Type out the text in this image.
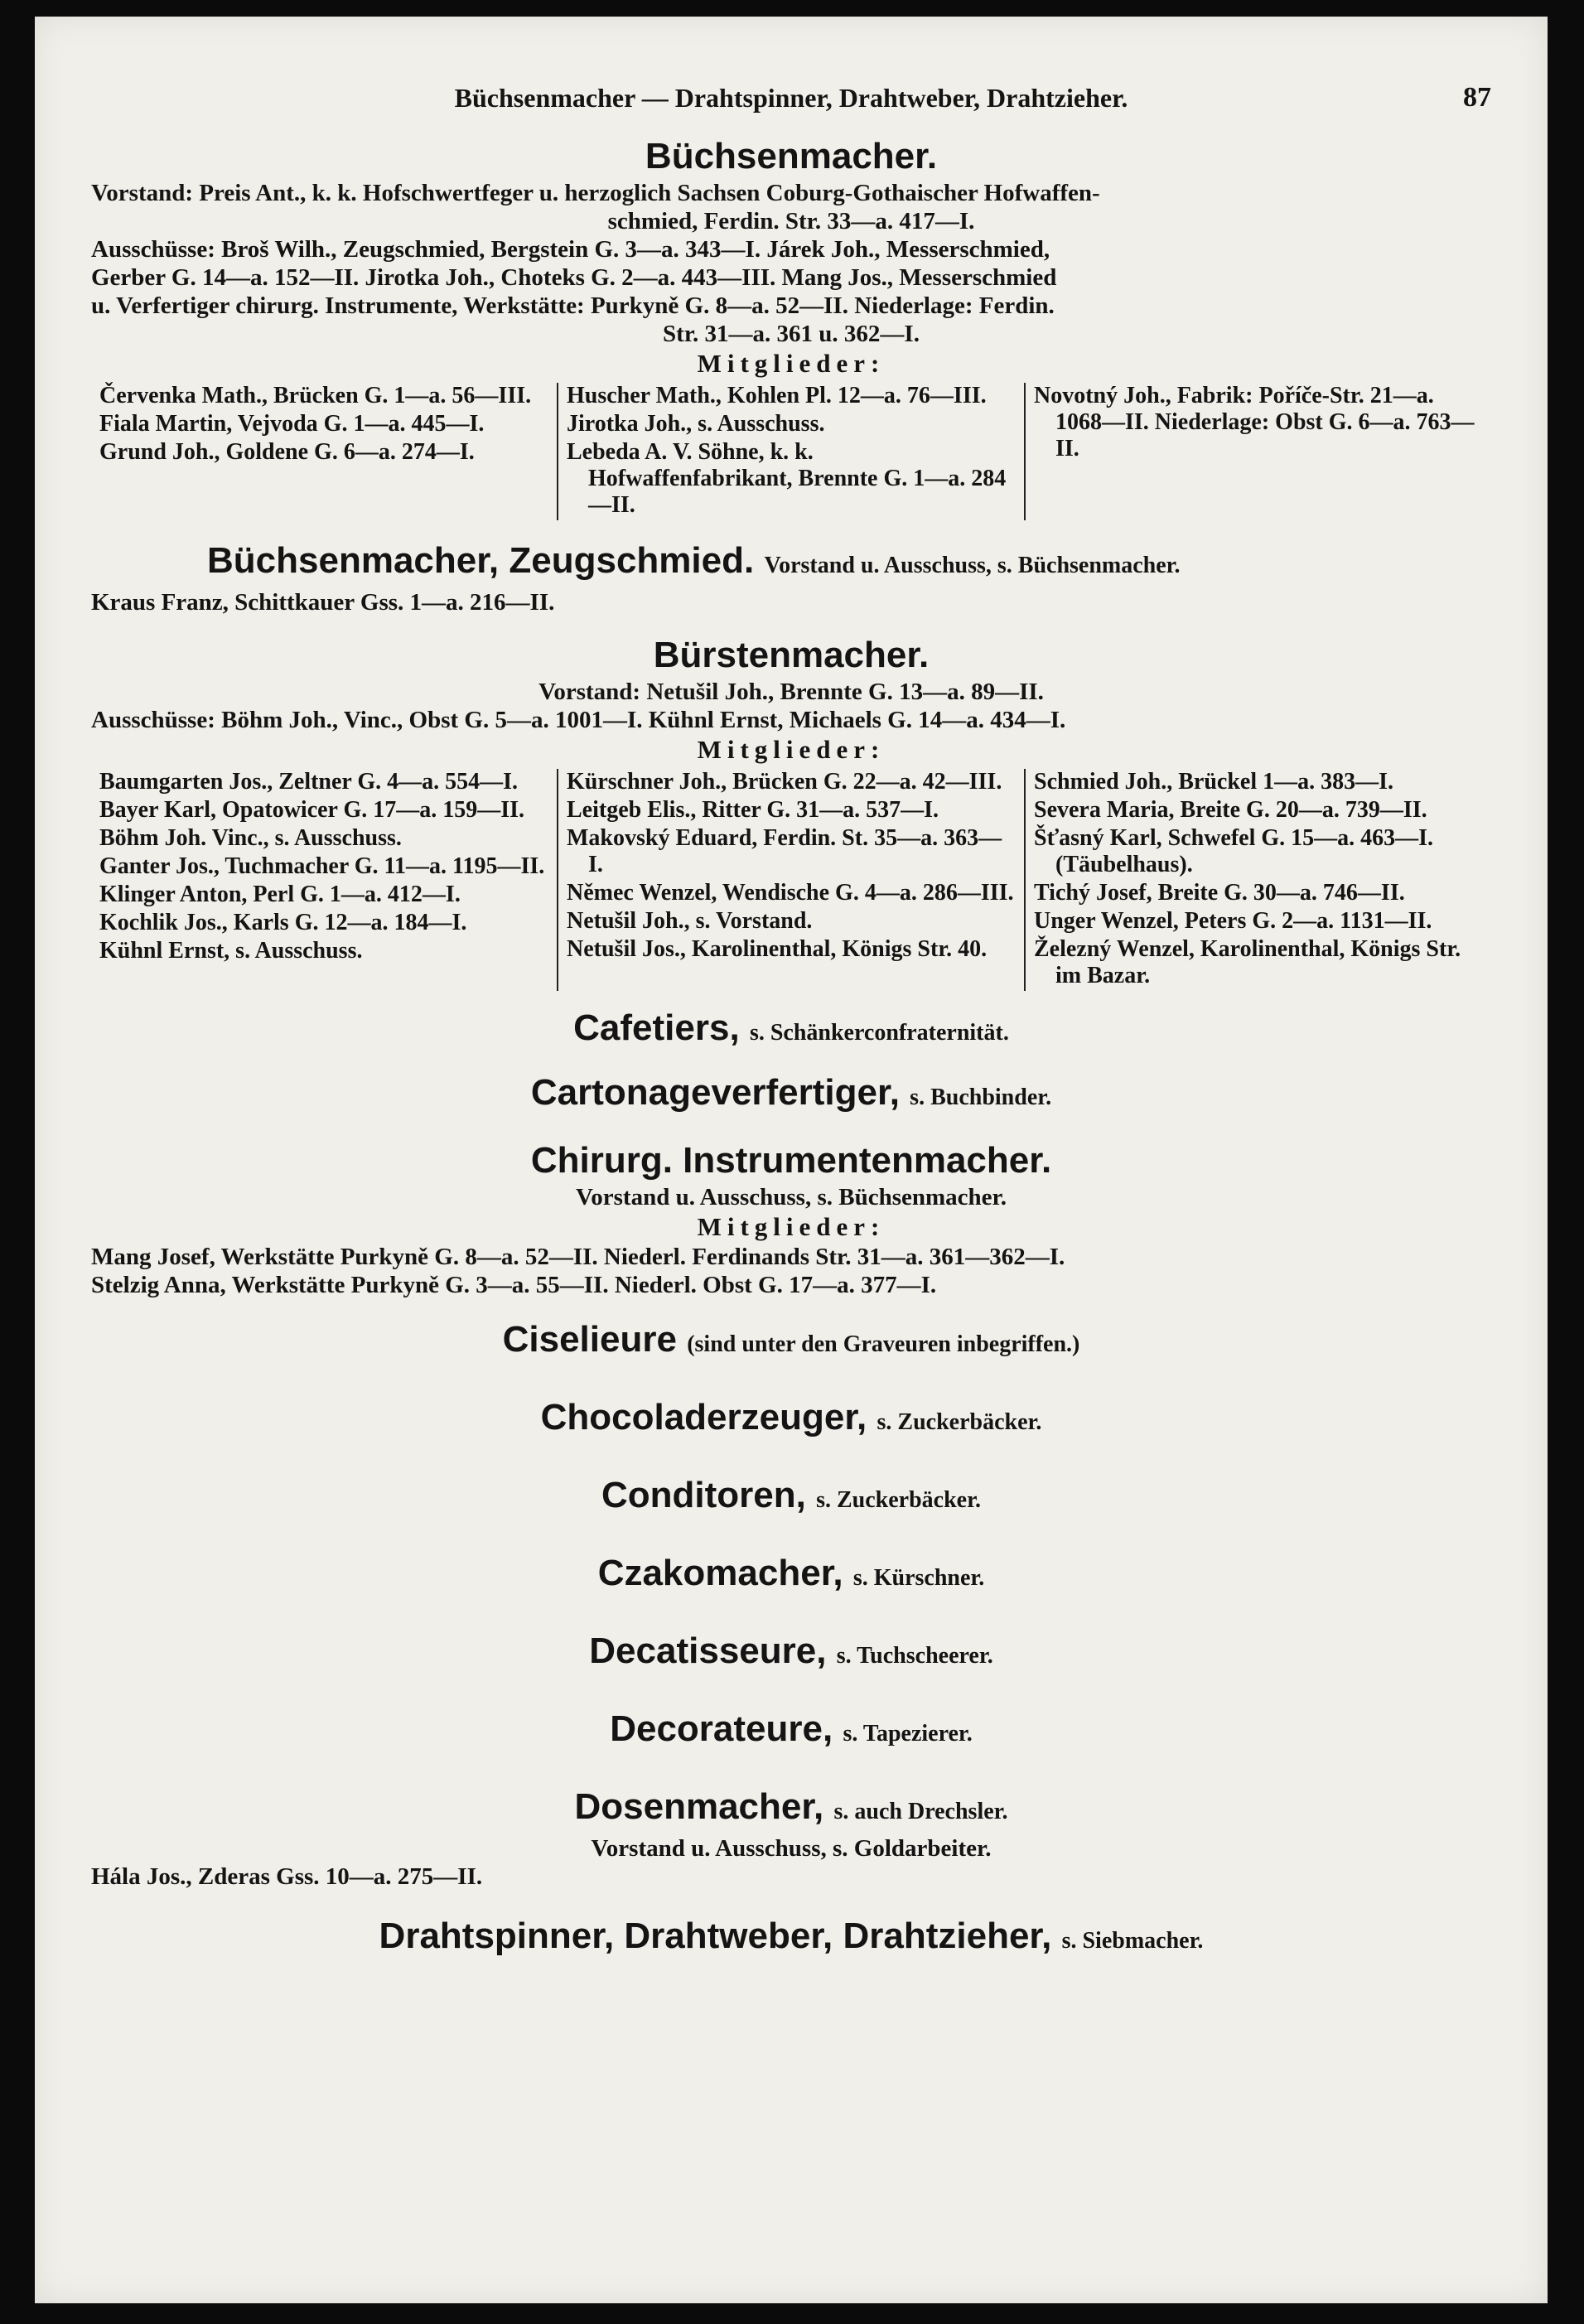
Büchsenmacher — Drahtspinner, Drahtweber, Drahtzieher.	87
Büchsenmacher.
Vorstand: Preis Ant., k. k. Hofschwertfeger u. herzoglich Sachsen Coburg-Gothaischer Hofwaffen-
schmied, Ferdin. Str. 33—a. 417—I.
Ausschüsse: Broš Wilh., Zeugschmied, Bergstein G. 3—a. 343—I. Járek Joh., Messerschmied,
Gerber G. 14—a. 152—II. Jirotka Joh., Choteks G. 2—a. 443—III. Mang Jos., Messerschmied
u. Verfertiger chirurg. Instrumente, Werkstätte: Purkyně G. 8—a. 52—II. Niederlage: Ferdin.
Str. 31—a. 361 u. 362—I.
Mitglieder:
Červenka Math., Brücken G. 1—a. 56—III.
Fiala Martin, Vejvoda G. 1—a. 445—I.
Grund Joh., Goldene G. 6—a. 274—I.
Huscher Math., Kohlen Pl. 12—a. 76—III.
Jirotka Joh., s. Ausschuss.
Lebeda A. V. Söhne, k. k. Hofwaffenfabrikant, Brennte G. 1—a. 284—II.
Novotný Joh., Fabrik: Poříče-Str. 21—a. 1068—II. Niederlage: Obst G. 6—a. 763—II.
Büchsenmacher, Zeugschmied. Vorstand u. Ausschuss, s. Büchsenmacher.
Kraus Franz, Schittkauer Gss. 1—a. 216—II.
Bürstenmacher.
Vorstand: Netušil Joh., Brennte G. 13—a. 89—II.
Ausschüsse: Böhm Joh., Vinc., Obst G. 5—a. 1001—I. Kühnl Ernst, Michaels G. 14—a. 434—I.
Mitglieder:
Baumgarten Jos., Zeltner G. 4—a. 554—I.
Bayer Karl, Opatowicer G. 17—a. 159—II.
Böhm Joh. Vinc., s. Ausschuss.
Ganter Jos., Tuchmacher G. 11—a. 1195—II.
Klinger Anton, Perl G. 1—a. 412—I.
Kochlik Jos., Karls G. 12—a. 184—I.
Kühnl Ernst, s. Ausschuss.
Kürschner Joh., Brücken G. 22—a. 42—III.
Leitgeb Elis., Ritter G. 31—a. 537—I.
Makovský Eduard, Ferdin. St. 35—a. 363—I.
Němec Wenzel, Wendische G. 4—a. 286—III.
Netušil Joh., s. Vorstand.
Netušil Jos., Karolinenthal, Königs Str. 40.
Schmied Joh., Brückel 1—a. 383—I.
Severa Maria, Breite G. 20—a. 739—II.
Šťasný Karl, Schwefel G. 15—a. 463—I. (Täubelhaus).
Tichý Josef, Breite G. 30—a. 746—II.
Unger Wenzel, Peters G. 2—a. 1131—II.
Železný Wenzel, Karolinenthal, Königs Str. im Bazar.
Cafetiers, s. Schänkerconfraternität.
Cartonageverfertiger, s. Buchbinder.
Chirurg. Instrumentenmacher.
Vorstand u. Ausschuss, s. Büchsenmacher.
Mitglieder:
Mang Josef, Werkstätte Purkyně G. 8—a. 52—II. Niederl. Ferdinands Str. 31—a. 361—362—I.
Stelzig Anna, Werkstätte Purkyně G. 3—a. 55—II. Niederl. Obst G. 17—a. 377—I.
Ciselieure (sind unter den Graveuren inbegriffen.)
Chocoladerzeuger, s. Zuckerbäcker.
Conditoren, s. Zuckerbäcker.
Czakomacher, s. Kürschner.
Decatisseure, s. Tuchscheerer.
Decorateure, s. Tapezierer.
Dosenmacher, s. auch Drechsler.
Vorstand u. Ausschuss, s. Goldarbeiter.
Hála Jos., Zderas Gss. 10—a. 275—II.
Drahtspinner, Drahtweber, Drahtzieher, s. Siebmacher.
